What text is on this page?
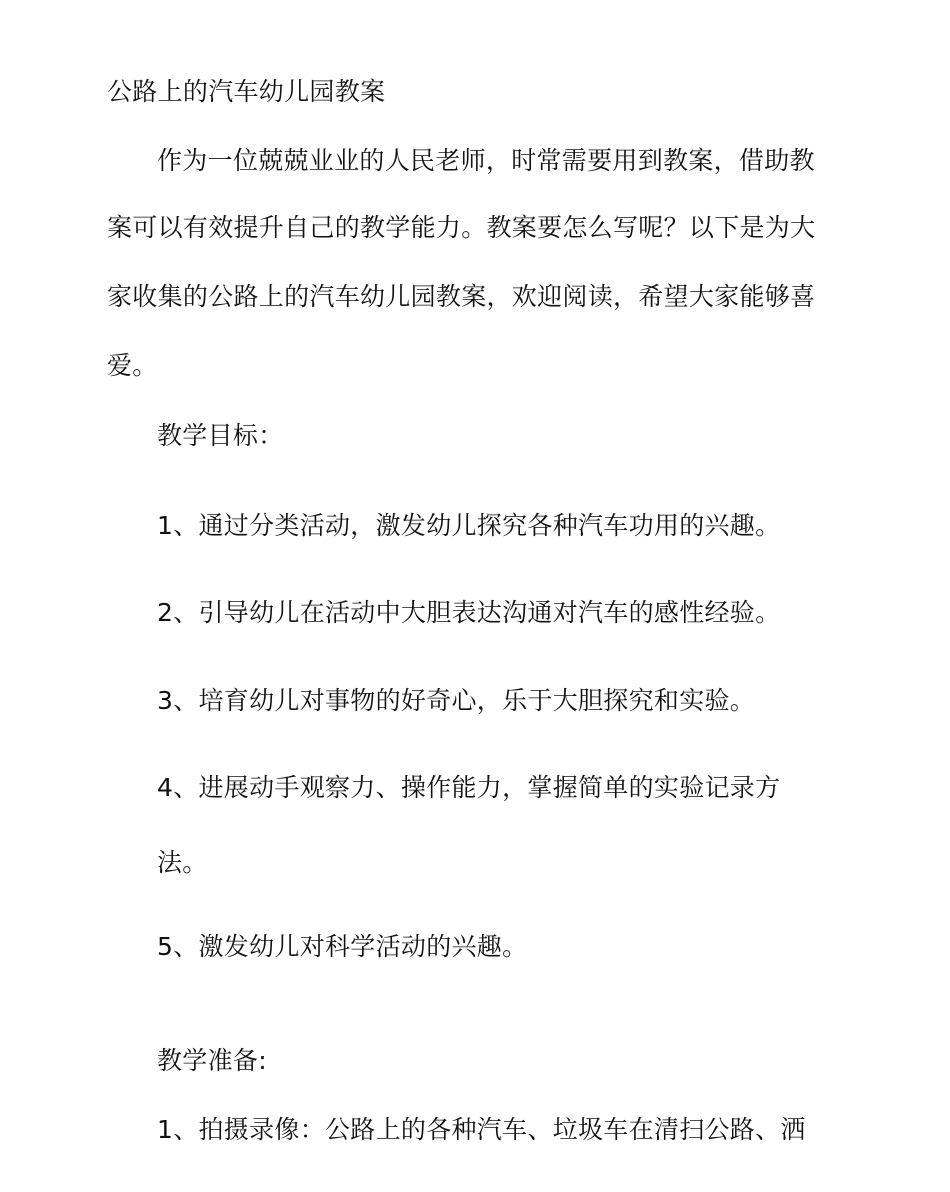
公路上的汽车幼儿园教案
作为一位兢兢业业的人民老师，时常需要用到教案，借助教
案可以有效提升自己的教学能力。教案要怎么写呢？以下是为大
家收集的公路上的汽车幼儿园教案，欢迎阅读，希望大家能够喜
爱。
教学目标：
1、通过分类活动，激发幼儿探究各种汽车功用的兴趣。
2、引导幼儿在活动中大胆表达沟通对汽车的感性经验。
3、培育幼儿对事物的好奇心，乐于大胆探究和实验。
4、进展动手观察力、操作能力，掌握简单的实验记录方
法。
5、激发幼儿对科学活动的兴趣。
教学准备:
1、拍摄录像：公路上的各种汽车、垃圾车在清扫公路、洒
